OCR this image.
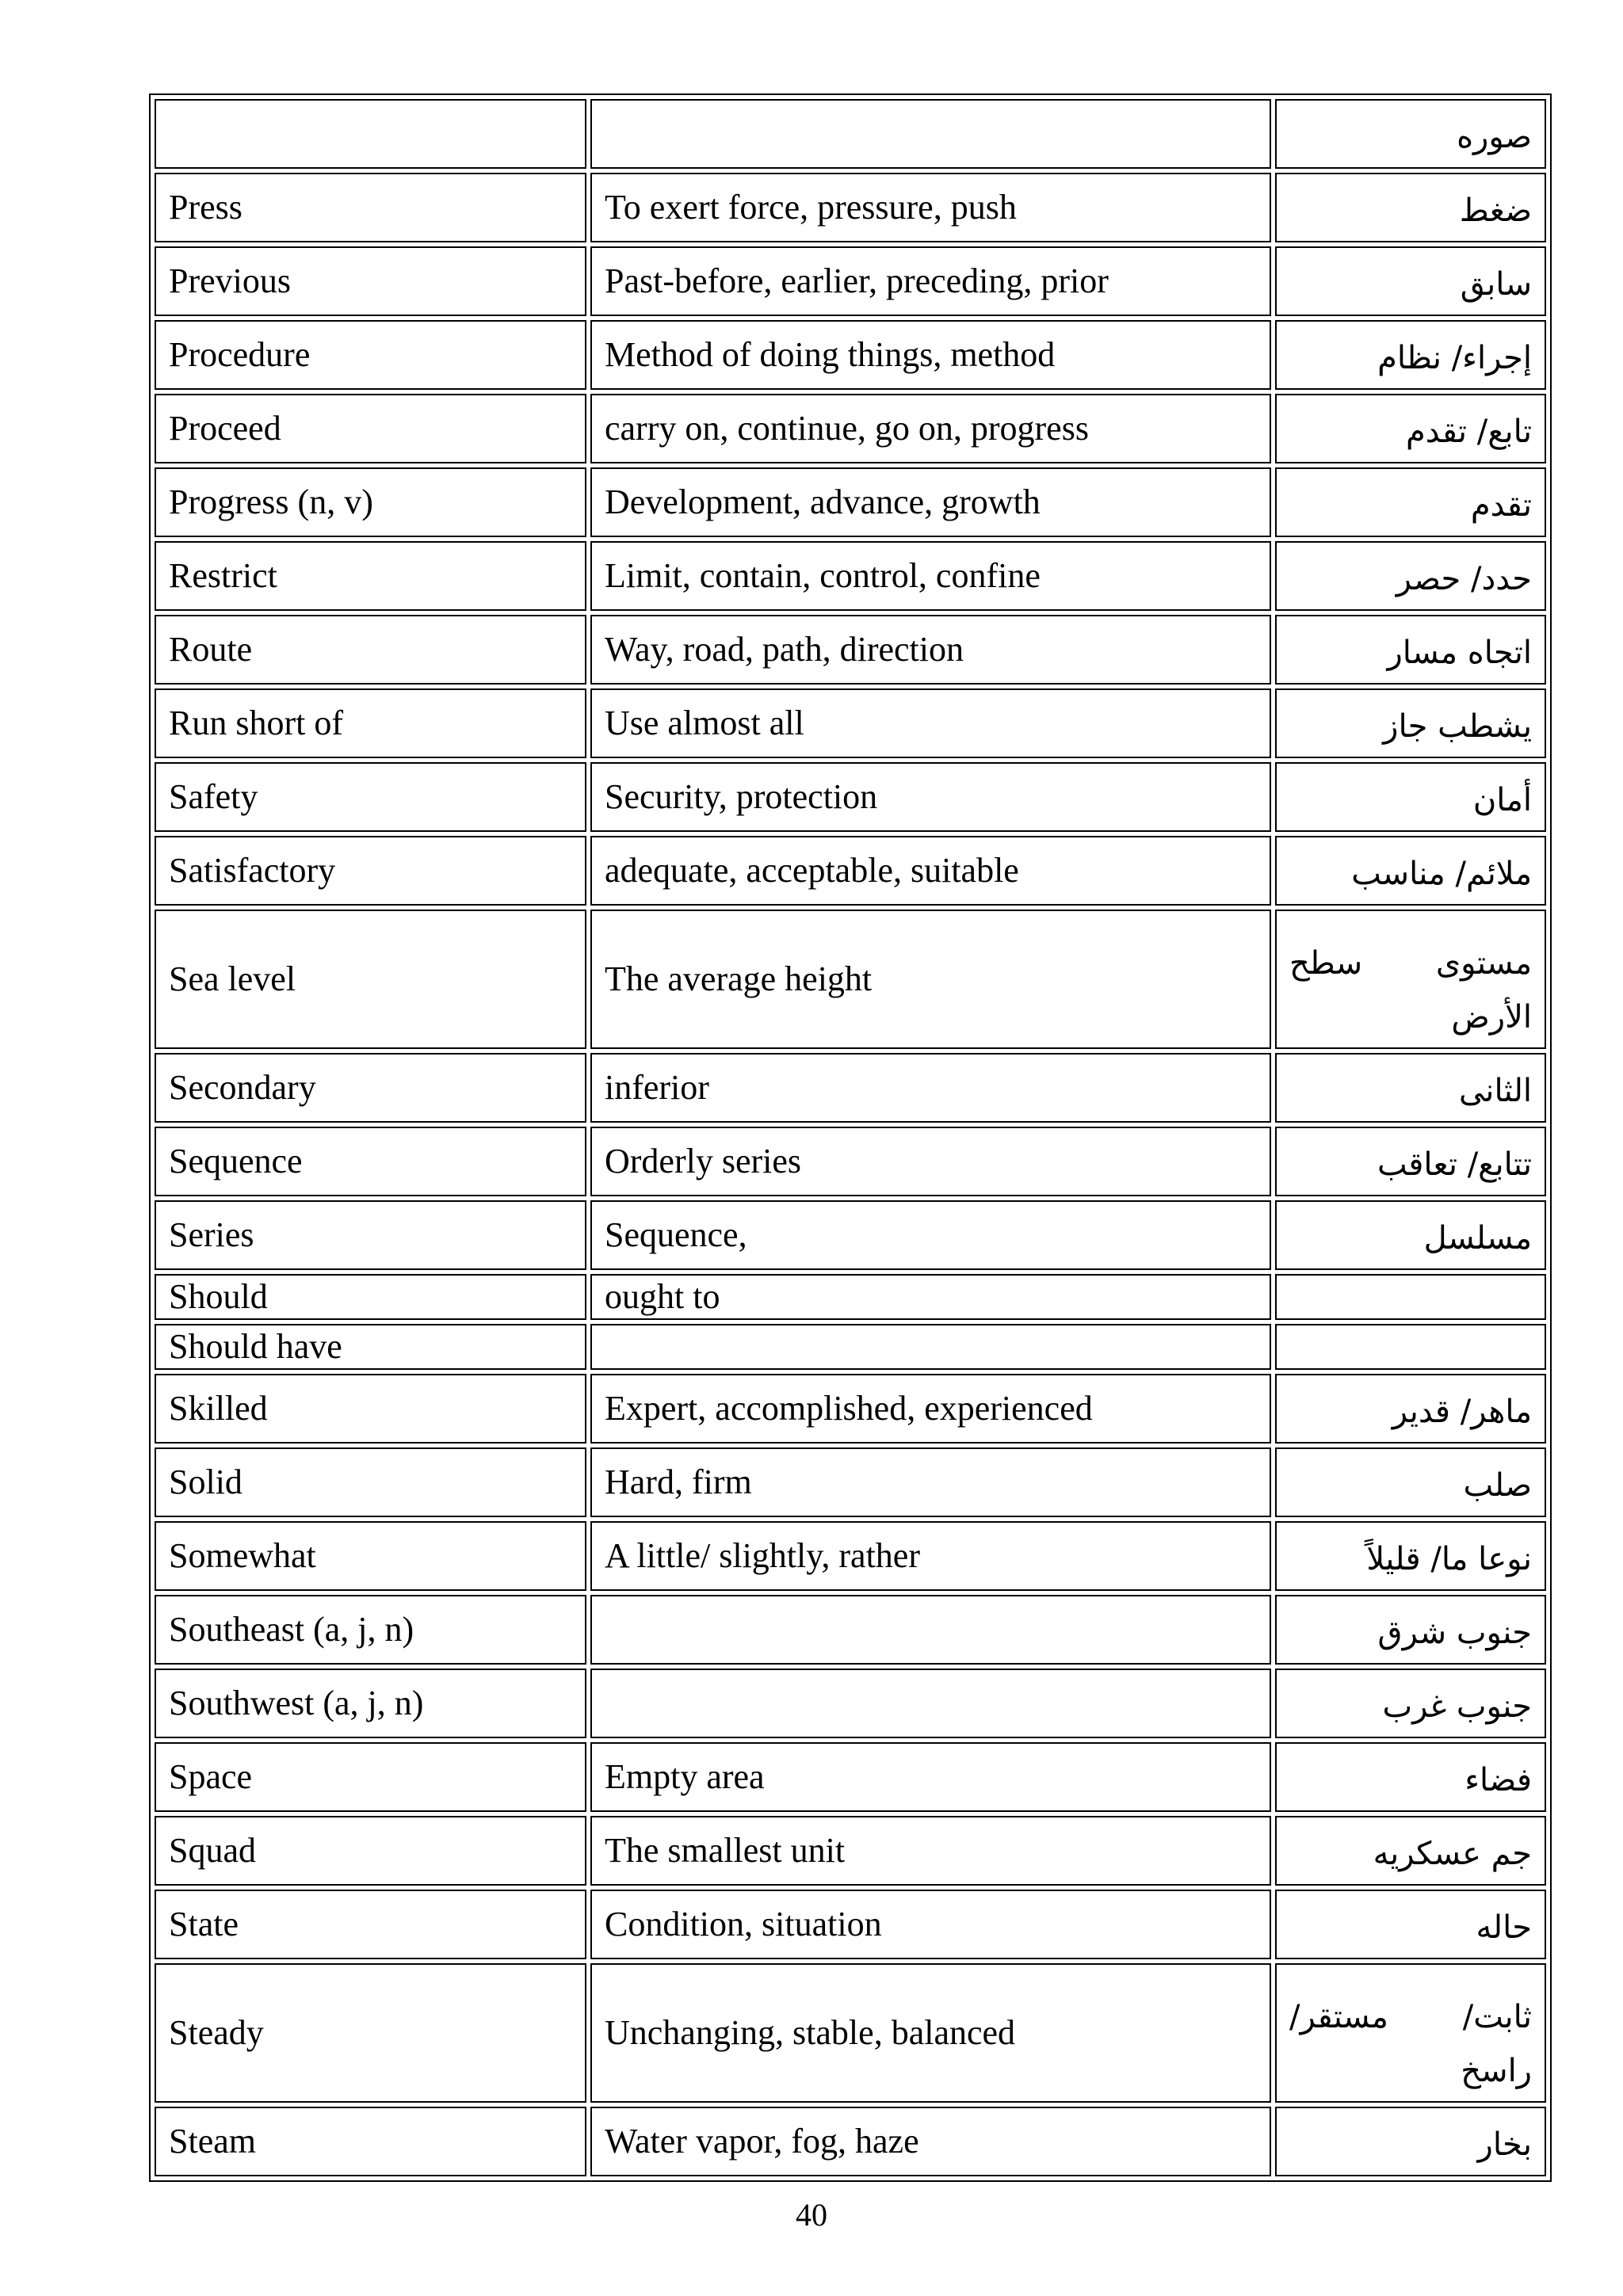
		صوره
Press	To exert force, pressure, push	ضغط
Previous	Past-before, earlier, preceding, prior	سابق
Procedure	Method of doing things, method	إجراء/ نظام
Proceed	carry on, continue, go on, progress	تابع/ تقدم
Progress (n, v)	Development, advance, growth	تقدم
Restrict	Limit, contain, control, confine	حدد/ حصر
Route	Way, road, path, direction	اتجاه مسار
Run short of	Use almost all	يشطب جاز
Safety	Security, protection	أمان
Satisfactory	adequate, acceptable, suitable	ملائم/ مناسب
Sea level	The average height	مستوى سطح
الأرض
Secondary	inferior	الثانى
Sequence	Orderly series	تتابع/ تعاقب
Series	Sequence,	مسلسل
Should	ought to	
Should have		
Skilled	Expert, accomplished, experienced	ماهر/ قدير
Solid	Hard, firm	صلب
Somewhat	A little/ slightly, rather	نوعا ما/ قليلاً
Southeast (a, j, n)		جنوب شرق
Southwest (a, j, n)		جنوب غرب
Space	Empty area	فضاء
Squad	The smallest unit	جم عسكريه
State	Condition, situation	حاله
Steady	Unchanging, stable, balanced	ثابت/ مستقر/
راسخ
Steam	Water vapor, fog, haze	بخار
40
